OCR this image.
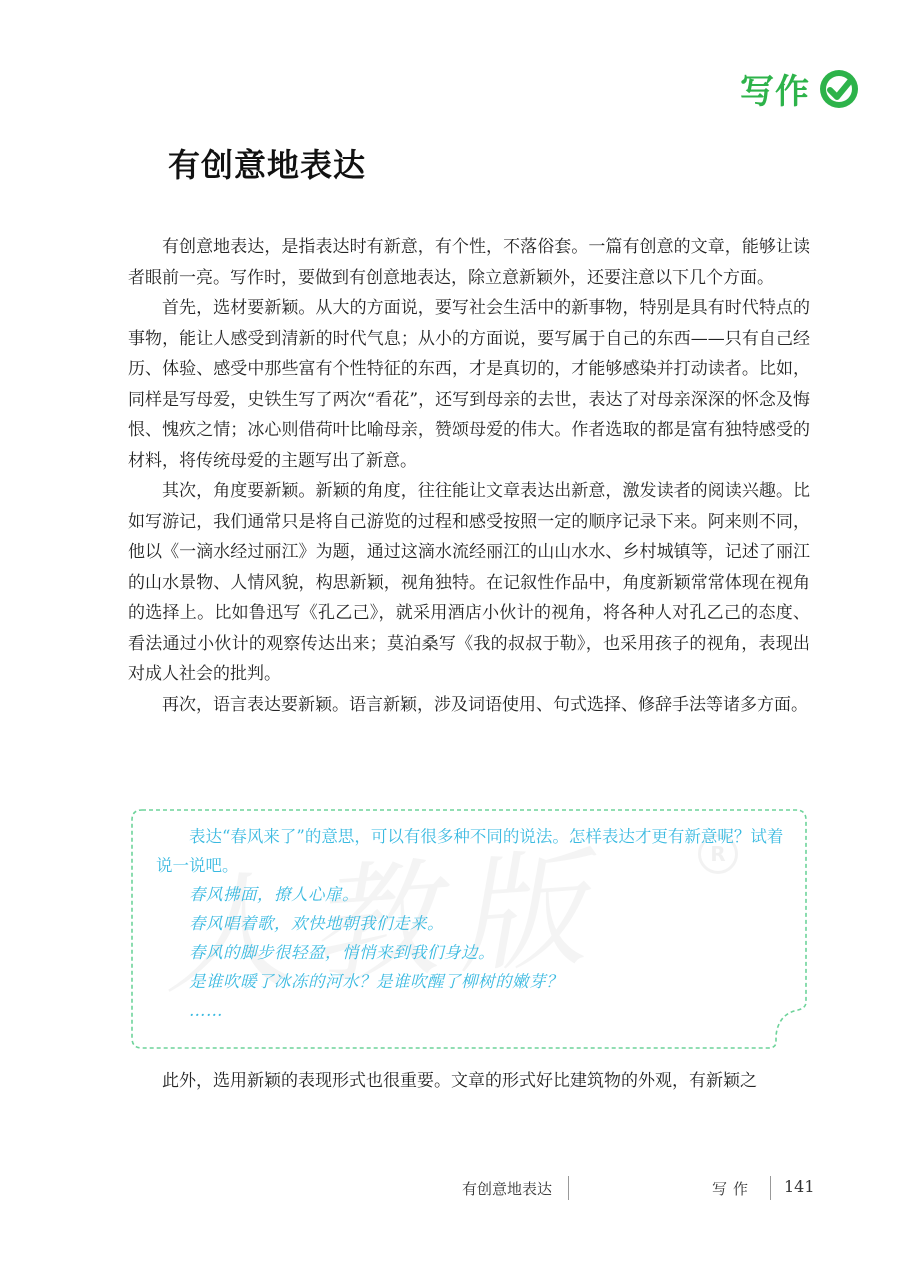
写作
有创意地表达

有创意地表达，是指表达时有新意，有个性，不落俗套。一篇有创意的文章，能够让读者眼前一亮。写作时，要做到有创意地表达，除立意新颖外，还要注意以下几个方面。

首先，选材要新颖。从大的方面说，要写社会生活中的新事物，特别是具有时代特点的事物，能让人感受到清新的时代气息；从小的方面说，要写属于自己的东西——只有自己经历、体验、感受中那些富有个性特征的东西，才是真切的，才能够感染并打动读者。比如，同样是写母爱，史铁生写了两次“看花”，还写到母亲的去世，表达了对母亲深深的怀念及悔恨、愧疚之情；冰心则借荷叶比喻母亲，赞颂母爱的伟大。作者选取的都是富有独特感受的材料，将传统母爱的主题写出了新意。

其次，角度要新颖。新颖的角度，往往能让文章表达出新意，激发读者的阅读兴趣。比如写游记，我们通常只是将自己游览的过程和感受按照一定的顺序记录下来。阿来则不同，他以《一滴水经过丽江》为题，通过这滴水流经丽江的山山水水、乡村城镇等，记述了丽江的山水景物、人情风貌，构思新颖，视角独特。在记叙性作品中，角度新颖常常体现在视角的选择上。比如鲁迅写《孔乙己》，就采用酒店小伙计的视角，将各种人对孔乙己的态度、看法通过小伙计的观察传达出来；莫泊桑写《我的叔叔于勒》，也采用孩子的视角，表现出对成人社会的批判。

再次，语言表达要新颖。语言新颖，涉及词语使用、句式选择、修辞手法等诸多方面。

R

表达“春风来了”的意思，可以有很多种不同的说法。怎样表达才更有新意呢？试着说一说吧。

春风拂面，撩人心扉。

春风唱着歌，欢快地朝我们走来。

春风的脚步很轻盈，悄悄来到我们身边。

是谁吹暖了冰冻的河水？是谁吹醒了柳树的嫩芽？

……

此外，选用新颖的表现形式也很重要。文章的形式好比建筑物的外观，有新颖之

有创意地表达	写作 141
